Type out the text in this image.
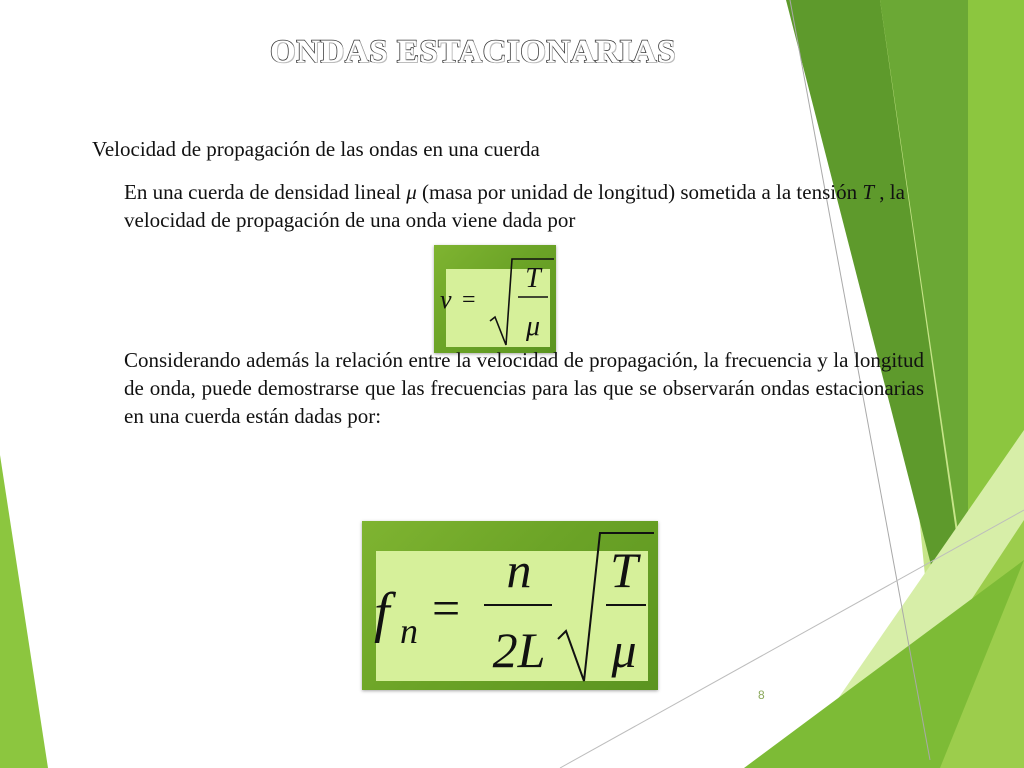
ONDAS ESTACIONARIAS
Velocidad de propagación de las ondas en una cuerda
En una cuerda de densidad lineal μ (masa por unidad de longitud) sometida a la tensión T , la velocidad de propagación de una onda viene dada por
v =
T
μ
Considerando además la relación entre la velocidad de propagación, la frecuencia y la longitud de onda, puede demostrarse que las frecuencias para las que se observarán ondas estacionarias en una cuerda están dadas por:
f n =
n
2L
T
μ
8
